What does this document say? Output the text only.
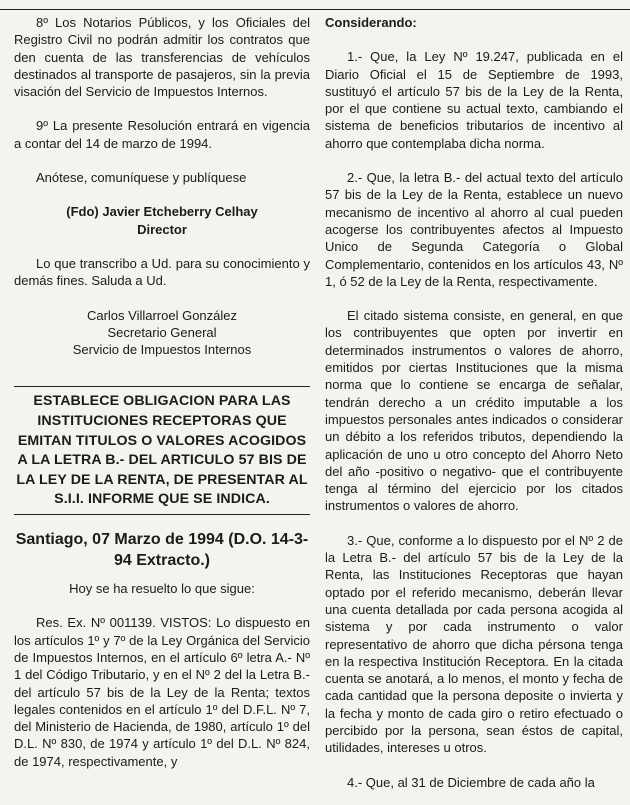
8º Los Notarios Públicos, y los Oficiales del Registro Civil no podrán admitir los contratos que den cuenta de las transferencias de vehículos destinados al transporte de pasajeros, sin la previa visación del Servicio de Impuestos Internos.

9º La presente Resolución entrará en vigencia a contar del 14 de marzo de 1994.

Anótese, comuníquese y publíquese

(Fdo) Javier Etcheberry Celhay

Director

Lo que transcribo a Ud. para su conocimiento y demás fines. Saluda a Ud.

Carlos Villarroel González

Secretario General

Servicio de Impuestos Internos

ESTABLECE OBLIGACION PARA LAS INSTITUCIONES RECEPTORAS QUE EMITAN TITULOS O VALORES ACOGIDOS A LA LETRA B.- DEL ARTICULO 57 BIS DE LA LEY DE LA RENTA, DE PRESENTAR AL S.I.I. INFORME QUE SE INDICA.

Santiago, 07 Marzo de 1994 (D.O. 14-3-94 Extracto.)

Hoy se ha resuelto lo que sigue:

Res. Ex. Nº 001139. VISTOS: Lo dispuesto en los artículos 1º y 7º de la Ley Orgánica del Servicio de Impuestos Internos, en el artículo 6º letra A.- Nº 1 del Código Tributario, y en el Nº 2 del la Letra B.- del artículo 57 bis de la Ley de la Renta; textos legales contenidos en el artículo 1º del D.F.L. Nº 7, del Ministerio de Hacienda, de 1980, artículo 1º del D.L. Nº 830, de 1974 y artículo 1º del D.L. Nº 824, de 1974, respectivamente, y

Considerando:

1.- Que, la Ley Nº 19.247, publicada en el Diario Oficial el 15 de Septiembre de 1993, sustituyó el artículo 57 bis de la Ley de la Renta, por el que contiene su actual texto, cambiando el sistema de beneficios tributarios de incentivo al ahorro que contemplaba dicha norma.

2.- Que, la letra B.- del actual texto del artículo 57 bis de la Ley de la Renta, establece un nuevo mecanismo de incentivo al ahorro al cual pueden acogerse los contribuyentes afectos al Impuesto Unico de Segunda Categoría o Global Complementario, contenidos en los artículos 43, Nº 1, ó 52 de la Ley de la Renta, respectivamente.

El citado sistema consiste, en general, en que los contribuyentes que opten por invertir en determinados instrumentos o valores de ahorro, emitidos por ciertas Instituciones que la misma norma que lo contiene se encarga de señalar, tendrán derecho a un crédito imputable a los impuestos personales antes indicados o considerar un débito a los referidos tributos, dependiendo la aplicación de uno u otro concepto del Ahorro Neto del año -positivo o negativo- que el contribuyente tenga al término del ejercicio por los citados instrumentos o valores de ahorro.

3.- Que, conforme a lo dispuesto por el Nº 2 de la Letra B.- del artículo 57 bis de la Ley de la Renta, las Instituciones Receptoras que hayan optado por el referido mecanismo, deberán llevar una cuenta detallada por cada persona acogida al sistema y por cada instrumento o valor representativo de ahorro que dicha pérsona tenga en la respectiva Institución Receptora. En la citada cuenta se anotará, a lo menos, el monto y fecha de cada cantidad que la persona deposite o invierta y la fecha y monto de cada giro o retiro efectuado o percibido por la persona, sean éstos de capital, utilidades, intereses u otros.

4.- Que, al 31 de Diciembre de cada año la
